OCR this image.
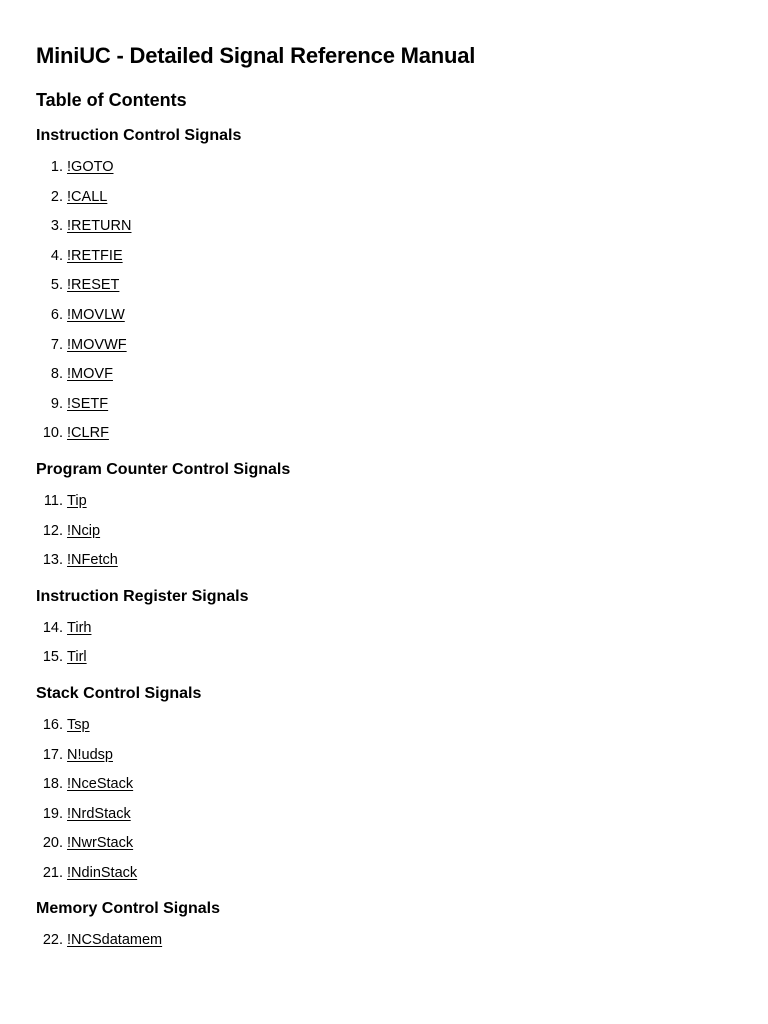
MiniUC - Detailed Signal Reference Manual
Table of Contents
Instruction Control Signals
1.
!GOTO
2.
!CALL
3.
!RETURN
4.
!RETFIE
5.
!RESET
6.
!MOVLW
7.
!MOVWF
8.
!MOVF
9.
!SETF
10.
!CLRF
Program Counter Control Signals
11.
Tip
12.
!Ncip
13.
!NFetch
Instruction Register Signals
14.
Tirh
15.
Tirl
Stack Control Signals
16.
Tsp
17.
N!udsp
18.
!NceStack
19.
!NrdStack
20.
!NwrStack
21.
!NdinStack
Memory Control Signals
22.
!NCSdatamem
